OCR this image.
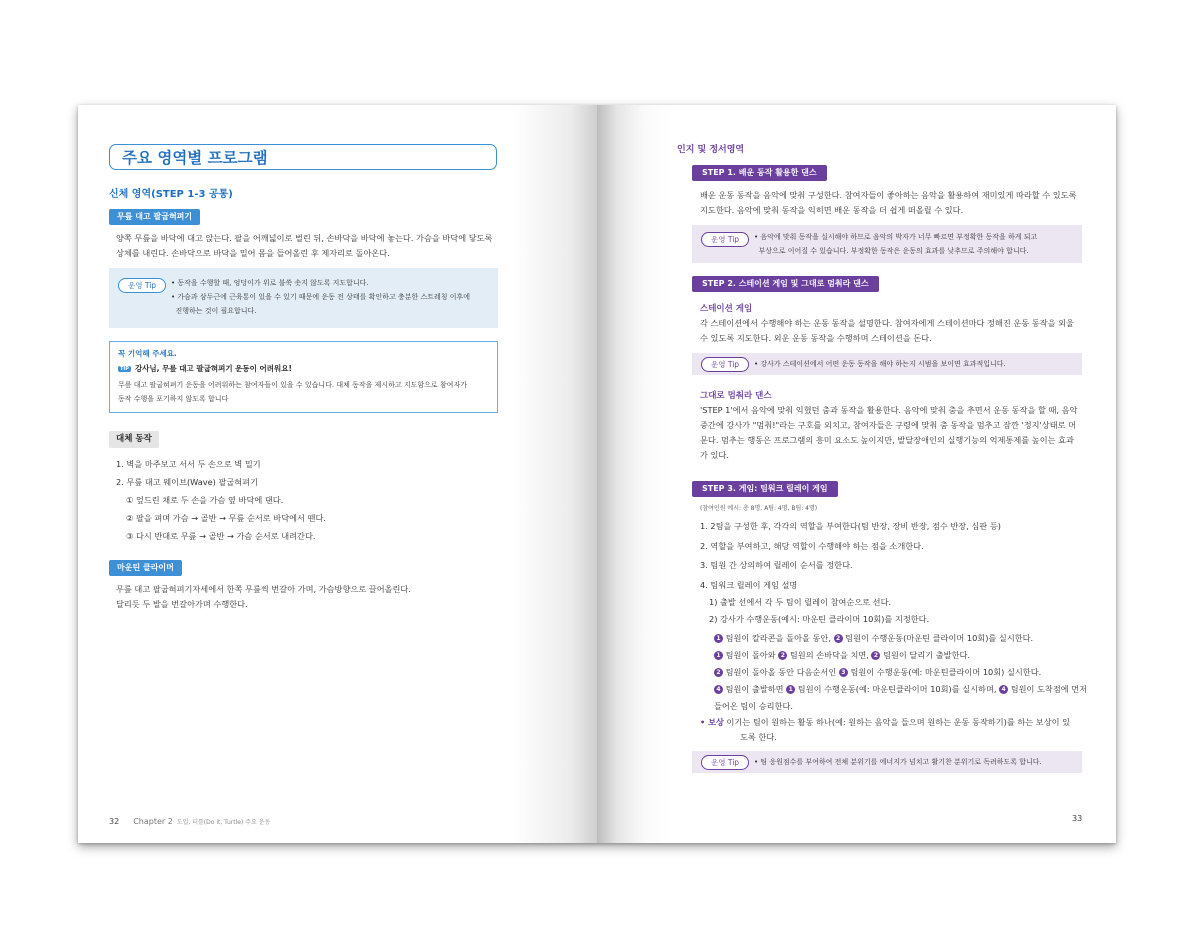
주요 영역별 프로그램
신체 영역(STEP 1-3 공통)
무릎 대고 팔굽혀펴기
양쪽 무릎을 바닥에 대고 앉는다. 팔을 어깨넓이로 벌린 뒤, 손바닥을 바닥에 놓는다. 가슴을 바닥에 닿도록
상체를 내린다. 손바닥으로 바닥을 밀어 몸을 들어올린 후 제자리로 돌아온다.
운영 Tip	• 동작을 수행할 때, 엉덩이가 위로 불쑥 솟지 않도록 지도합니다.
• 가슴과 삼두근에 근육통이 있을 수 있기 때문에 운동 전 상태를 확인하고 충분한 스트레칭 이후에
진행하는 것이 필요합니다.
꼭 기억해 주세요.
TIP 강사님, 무릎 대고 팔굽혀펴기 운동이 어려워요!
무릎 대고 팔굽혀펴기 운동을 어려워하는 참여자들이 있을 수 있습니다. 대체 동작을 제시하고 지도함으로 참여자가
동작 수행을 포기하지 않도록 합니다
대체 동작
1. 벽을 마주보고 서서 두 손으로 벽 밀기
2. 무릎 대고 웨이브(Wave) 팔굽혀펴기
① 엎드린 채로 두 손을 가슴 옆 바닥에 댄다.
② 팔을 펴며 가슴 → 골반 → 무릎 순서로 바닥에서 뗀다.
③ 다시 반대로 무릎 → 골반 → 가슴 순서로 내려간다.
마운틴 클라이머
무릎 대고 팔굽혀펴기자세에서 한쪽 무릎씩 번갈아 가며, 가슴방향으로 끌어올린다.
달리듯 두 발을 번갈아가며 수행한다.
32 Chapter 2 도입, 터틀(Do it, Turtle) 주요 운동
인지 및 정서영역
STEP 1. 배운 동작 활용한 댄스
배운 운동 동작을 음악에 맞춰 구성한다. 참여자들이 좋아하는 음악을 활용하여 재미있게 따라할 수 있도록
지도한다. 음악에 맞춰 동작을 익히면 배운 동작을 더 쉽게 떠올릴 수 있다.
운영 Tip	• 음악에 맞춰 동작을 실시해야 하므로 음악의 박자가 너무 빠르면 부정확한 동작을 하게 되고
부상으로 이어질 수 있습니다. 부정확한 동작은 운동의 효과를 낮추므로 주의해야 합니다.
STEP 2. 스테이션 게임 및 그대로 멈춰라 댄스
스테이션 게임
각 스테이션에서 수행해야 하는 운동 동작을 설명한다. 참여자에게 스테이션마다 정해진 운동 동작을 외울
수 있도록 지도한다. 외운 운동 동작을 수행하며 스테이션을 돈다.
운영 Tip	• 강사가 스테이션에서 어떤 운동 동작을 해야 하는지 시범을 보이면 효과적입니다.
그대로 멈춰라 댄스
'STEP 1'에서 음악에 맞춰 익혔던 춤과 동작을 활용한다. 음악에 맞춰 춤을 추면서 운동 동작을 할 때, 음악
중간에 강사가 "멈춰!"라는 구호를 외치고, 참여자들은 구령에 맞춰 춤 동작을 멈추고 잠깐 '정지'상태로 머
문다. 멈추는 행동은 프로그램의 흥미 요소도 높이지만, 발달장애인의 실행기능의 억제통제를 높이는 효과
가 있다.
STEP 3. 게임: 팀워크 릴레이 게임
(참여인원 예시: 총 8명, A팀: 4명, B팀: 4명)
1. 2팀을 구성한 후, 각각의 역할을 부여한다(팀 반장, 장비 반장, 점수 반장, 심판 등)
2. 역할을 부여하고, 해당 역할이 수행해야 하는 점을 소개한다.
3. 팀원 간 상의하여 릴레이 순서를 정한다.
4. 팀워크 릴레이 게임 설명
1) 출발 선에서 각 두 팀이 릴레이 참여순으로 선다.
2) 강사가 수행운동(예시: 마운틴 클라이머 10회)를 지정한다.
1 팀원이 칼라콘을 돌아올 동안, 2 팀원이 수행운동(마운틴 클라이머 10회)를 실시한다.
1 팀원이 돌아와 2 팀원의 손바닥을 치면, 2 팀원이 달리기 출발한다.
2 팀원이 돌아올 동안 다음순서인 3 팀원이 수행운동(예: 마운틴클라이머 10회) 실시한다.
4 팀원이 출발하면 1 팀원이 수행운동(예: 마운틴클라이머 10회)를 실시하며, 4 팀원이 도착점에 먼저
들어온 팀이 승리한다.
• 보상 이기는 팀이 원하는 활동 하나(예: 원하는 음악을 들으며 원하는 운동 동작하기)를 하는 보상이 있
도록 한다.
운영 Tip	• 팀 응원점수를 부여하여 전체 분위기를 에너지가 넘치고 활기찬 분위기로 독려하도록 합니다.
33
